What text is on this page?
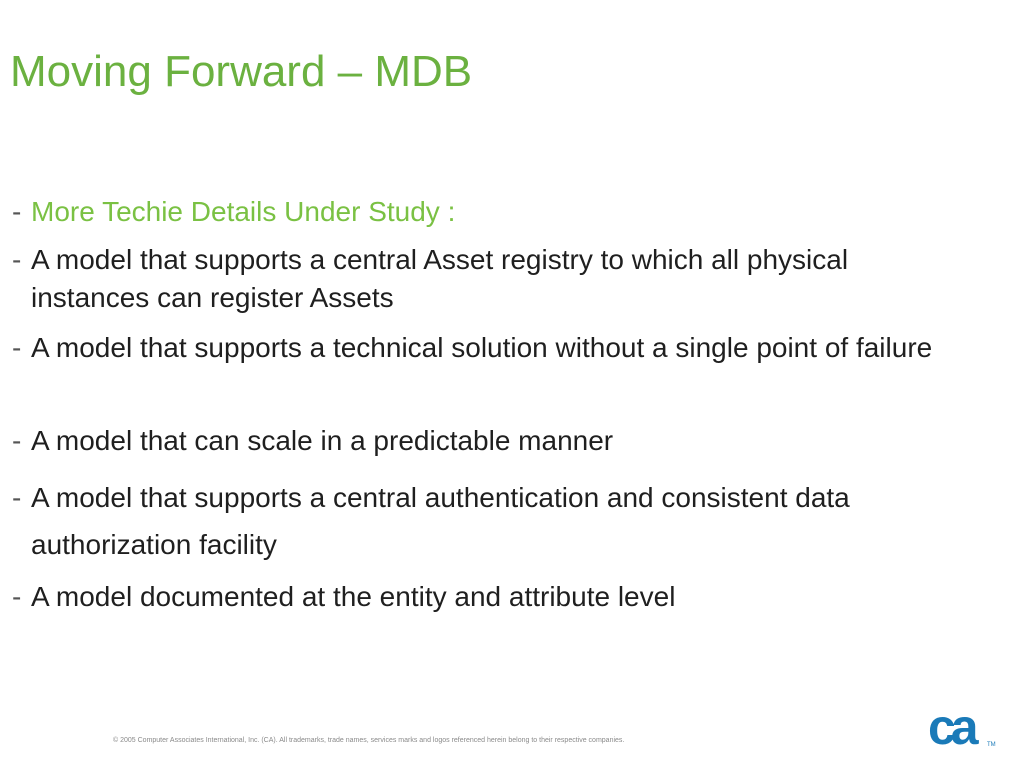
Moving Forward – MDB
- More Techie Details Under Study :
- A model that supports a central Asset registry to which all physical instances can register Assets
- A model that supports a technical solution without a single point of failure
- A model that can scale in a predictable manner
- A model that supports a central authentication and consistent data authorization facility
- A model documented at the entity and attribute level
© 2005 Computer Associates International, Inc. (CA). All trademarks, trade names, services marks and logos referenced herein belong to their respective companies.	ca	TM
